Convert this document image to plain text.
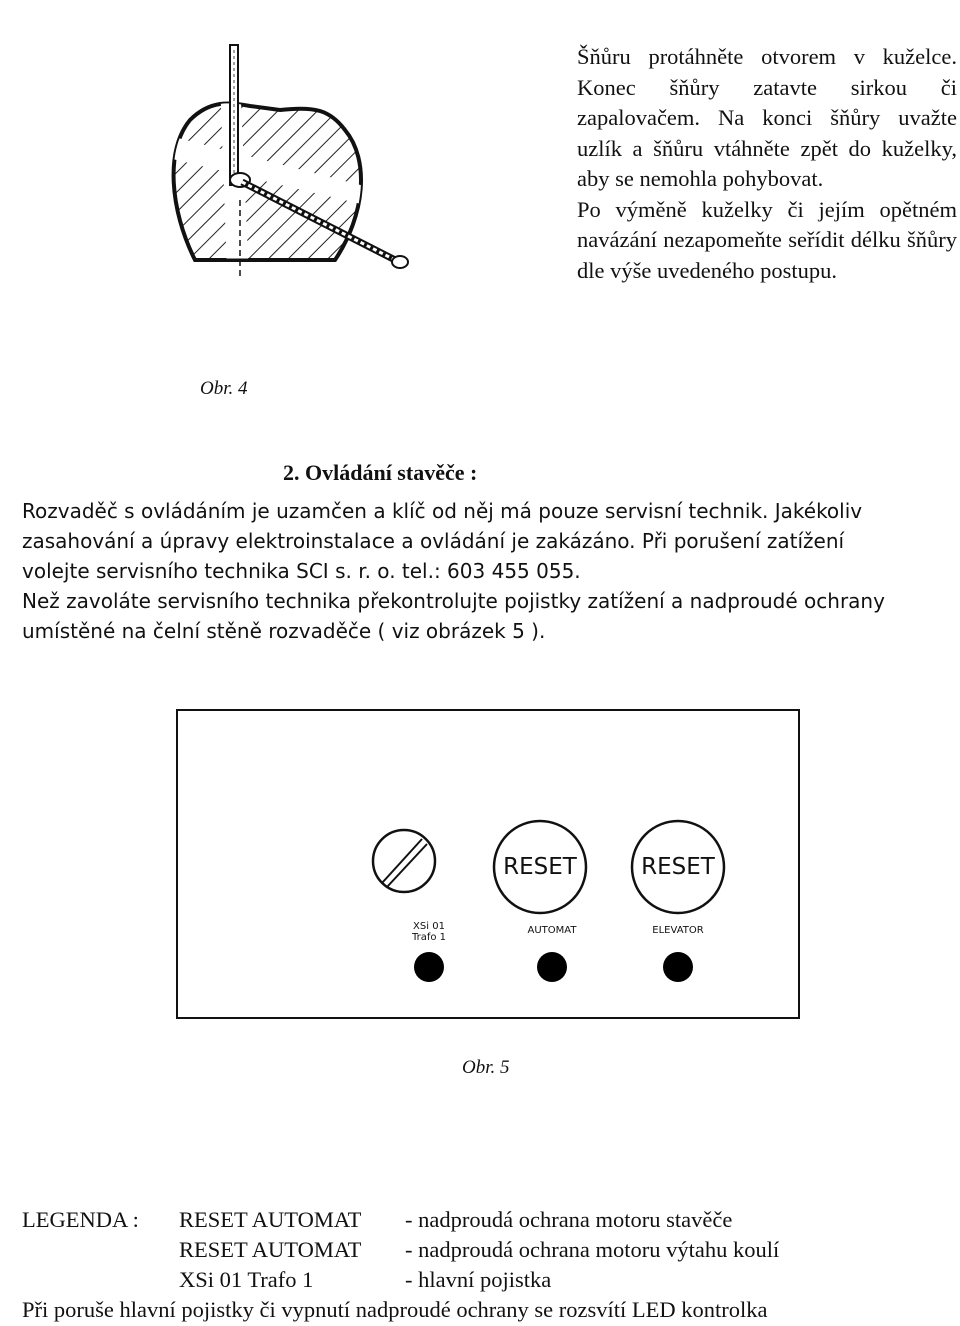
Obr. 4

Šňůru protáhněte otvorem v kuželce. Konec šňůry zatavte sirkou či zapalovačem. Na konci šňůry uvažte uzlík a šňůru vtáhněte zpět do kuželky, aby se nemohla pohybovat.

Po výměně kuželky či jejím opětném navázání nezapomeňte seřídit délku šňůry dle výše uvedeného postupu.

2. Ovládání stavěče :

Rozvaděč s ovládáním je uzamčen a klíč od něj má pouze servisní technik. Jakékoliv

zasahování a úpravy elektroinstalace a ovládání je zakázáno. Při porušení zatížení

volejte servisního technika SCI s. r. o. tel.: 603 455 055.

Než zavoláte servisního technika překontrolujte pojistky zatížení a nadproudé ochrany

umístěné na čelní stěně rozvaděče ( viz obrázek 5 ).

RESET	RESET
XSi 01
Trafo 1
AUTOMAT	ELEVATOR
Obr. 5
LEGENDA : RESET AUTOMAT - nadproudá ochrana motoru stavěče
RESET AUTOMAT - nadproudá ochrana motoru výtahu koulí
XSi 01 Trafo 1	- hlavní pojistka
Při poruše hlavní pojistky či vypnutí nadproudé ochrany se rozsvítí LED kontrolka
